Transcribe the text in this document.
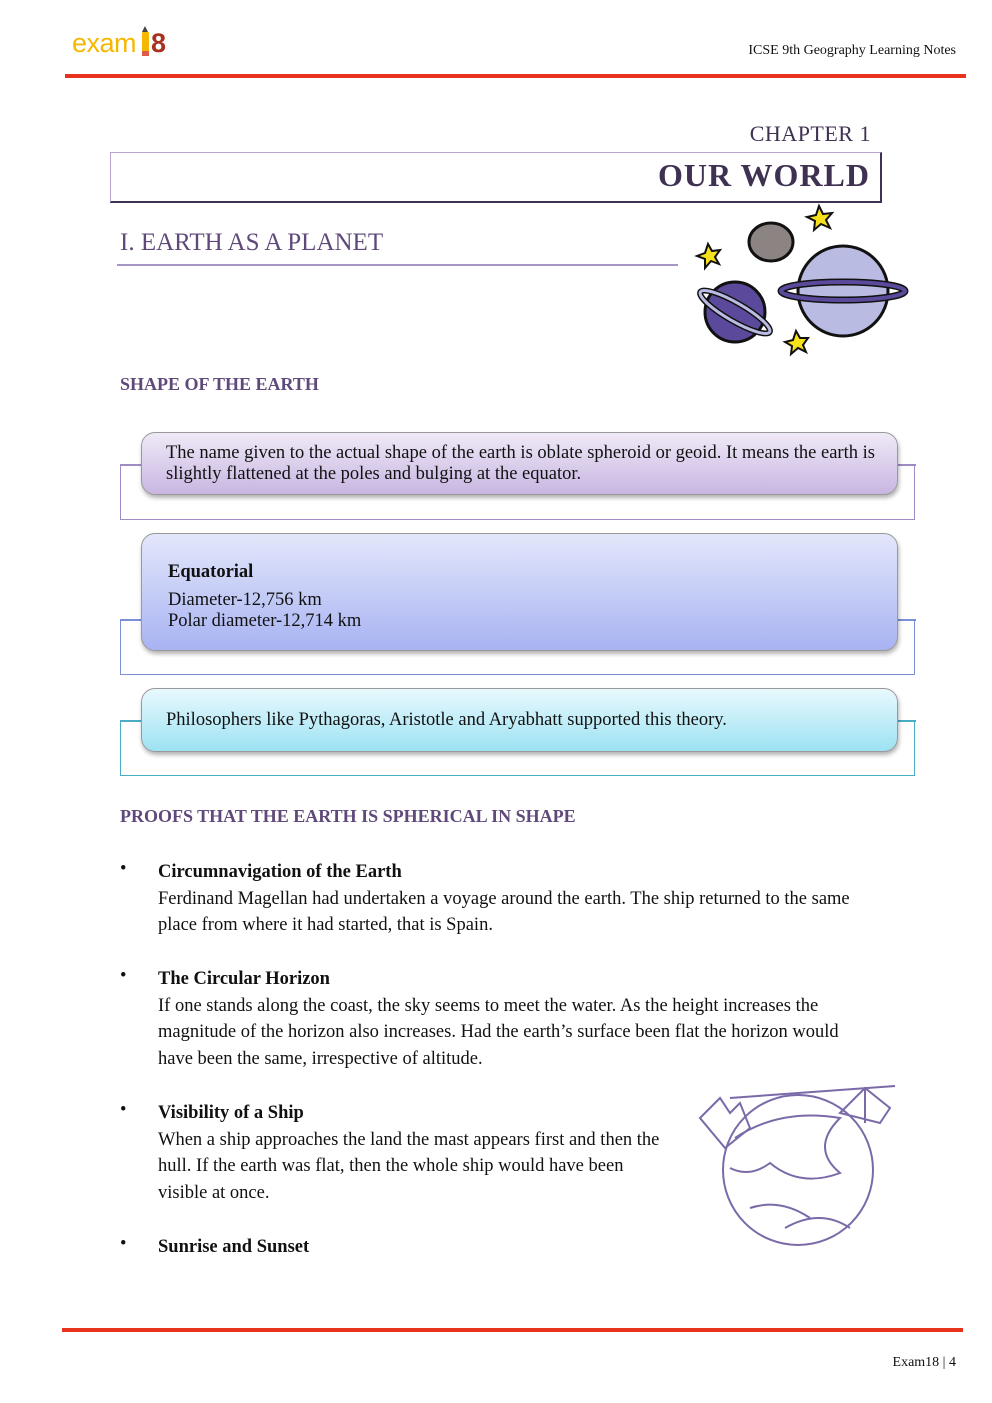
exam 8	ICSE 9th Geography Learning Notes
CHAPTER 1
OUR WORLD
I. EARTH AS A PLANET
SHAPE OF THE EARTH
The name given to the actual shape of the earth is oblate spheroid or geoid. It means the earth is slightly flattened at the poles and bulging at the equator.
Equatorial
Diameter-12,756 km
Polar diameter-12,714 km
Philosophers like Pythagoras, Aristotle and Aryabhatt supported this theory.
PROOFS THAT THE EARTH IS SPHERICAL IN SHAPE
• Circumnavigation of the Earth
Ferdinand Magellan had undertaken a voyage around the earth. The ship returned to the same place from where it had started, that is Spain.
• The Circular Horizon
If one stands along the coast, the sky seems to meet the water. As the height increases the magnitude of the horizon also increases. Had the earth’s surface been flat the horizon would have been the same, irrespective of altitude.
• Visibility of a Ship
When a ship approaches the land the mast appears first and then the hull. If the earth was flat, then the whole ship would have been visible at once.
• Sunrise and Sunset
Exam18 | 4
